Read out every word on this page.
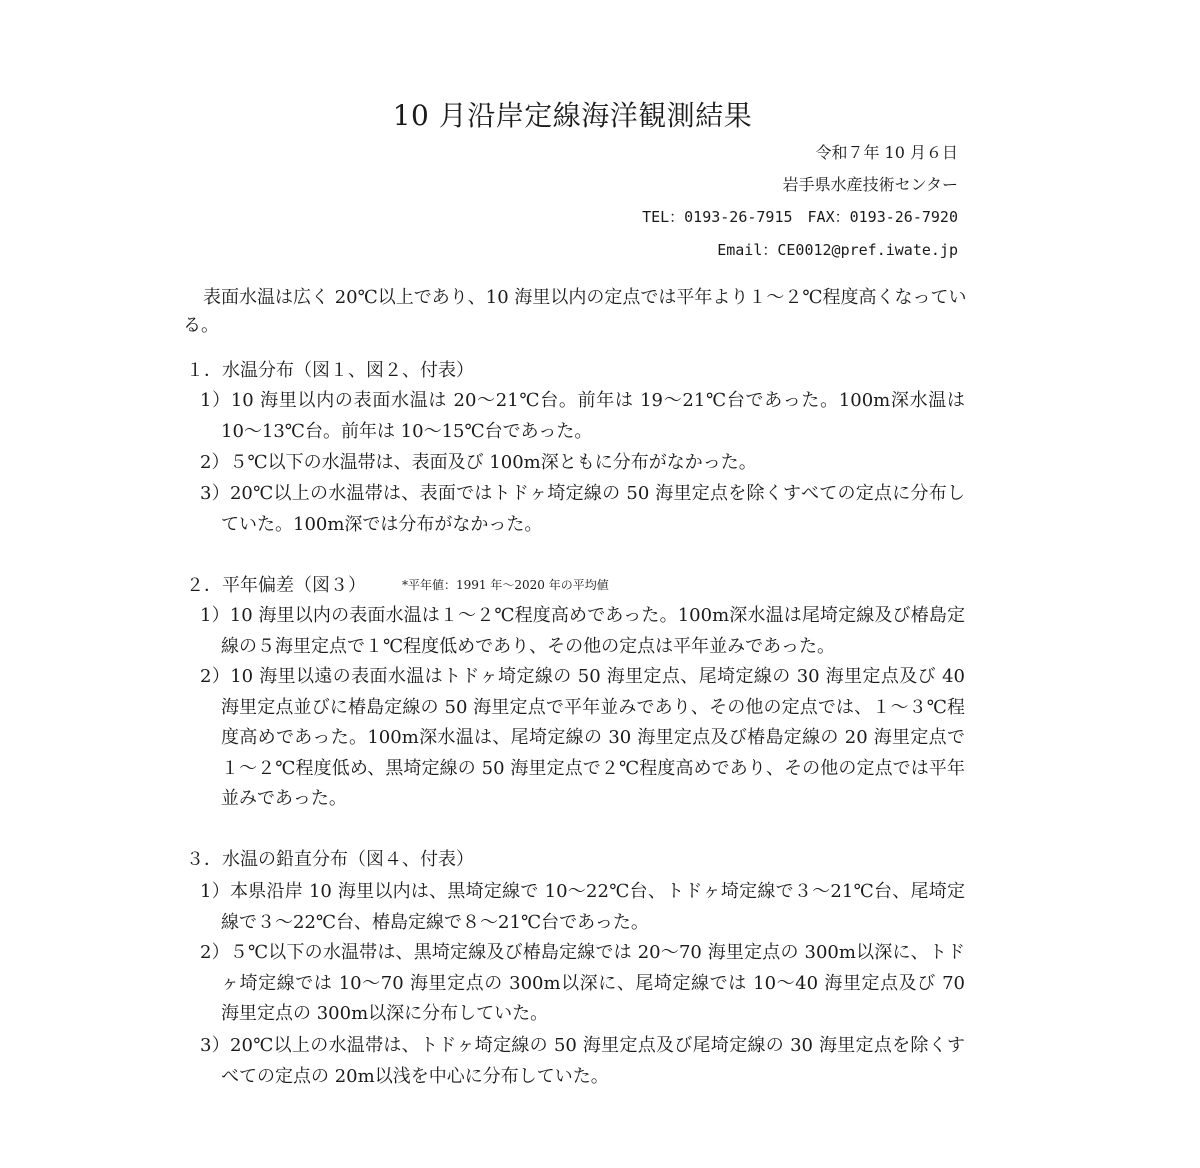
10 月沿岸定線海洋観測結果
令和７年 10 月６日
岩手県水産技術センター
TEL：0193-26-7915　FAX：0193-26-7920
Email：CE0012@pref.iwate.jp
表面水温は広く 20℃以上であり、10 海里以内の定点では平年より１～２℃程度高くなっている。
１．水温分布（図１、図２、付表）
1）10 海里以内の表面水温は 20～21℃台。前年は 19～21℃台であった。100m深水温は 10～13℃台。前年は 10～15℃台であった。
2）５℃以下の水温帯は、表面及び 100m深ともに分布がなかった。
3）20℃以上の水温帯は、表面ではトドヶ埼定線の 50 海里定点を除くすべての定点に分布していた。100m深では分布がなかった。
２．平年偏差（図３）	*平年値：1991 年～2020 年の平均値
1）10 海里以内の表面水温は１～２℃程度高めであった。100m深水温は尾埼定線及び椿島定線の５海里定点で１℃程度低めであり、その他の定点は平年並みであった。
2）10 海里以遠の表面水温はトドヶ埼定線の 50 海里定点、尾埼定線の 30 海里定点及び 40 海里定点並びに椿島定線の 50 海里定点で平年並みであり、その他の定点では、１～３℃程度高めであった。100m深水温は、尾埼定線の 30 海里定点及び椿島定線の 20 海里定点で１～２℃程度低め、黒埼定線の 50 海里定点で２℃程度高めであり、その他の定点では平年並みであった。
３．水温の鉛直分布（図４、付表）
1）本県沿岸 10 海里以内は、黒埼定線で 10～22℃台、トドヶ埼定線で３～21℃台、尾埼定線で３～22℃台、椿島定線で８～21℃台であった。
2）５℃以下の水温帯は、黒埼定線及び椿島定線では 20～70 海里定点の 300m以深に、トドヶ埼定線では 10～70 海里定点の 300m以深に、尾埼定線では 10～40 海里定点及び 70 海里定点の 300m以深に分布していた。
3）20℃以上の水温帯は、トドヶ埼定線の 50 海里定点及び尾埼定線の 30 海里定点を除くすべての定点の 20m以浅を中心に分布していた。
